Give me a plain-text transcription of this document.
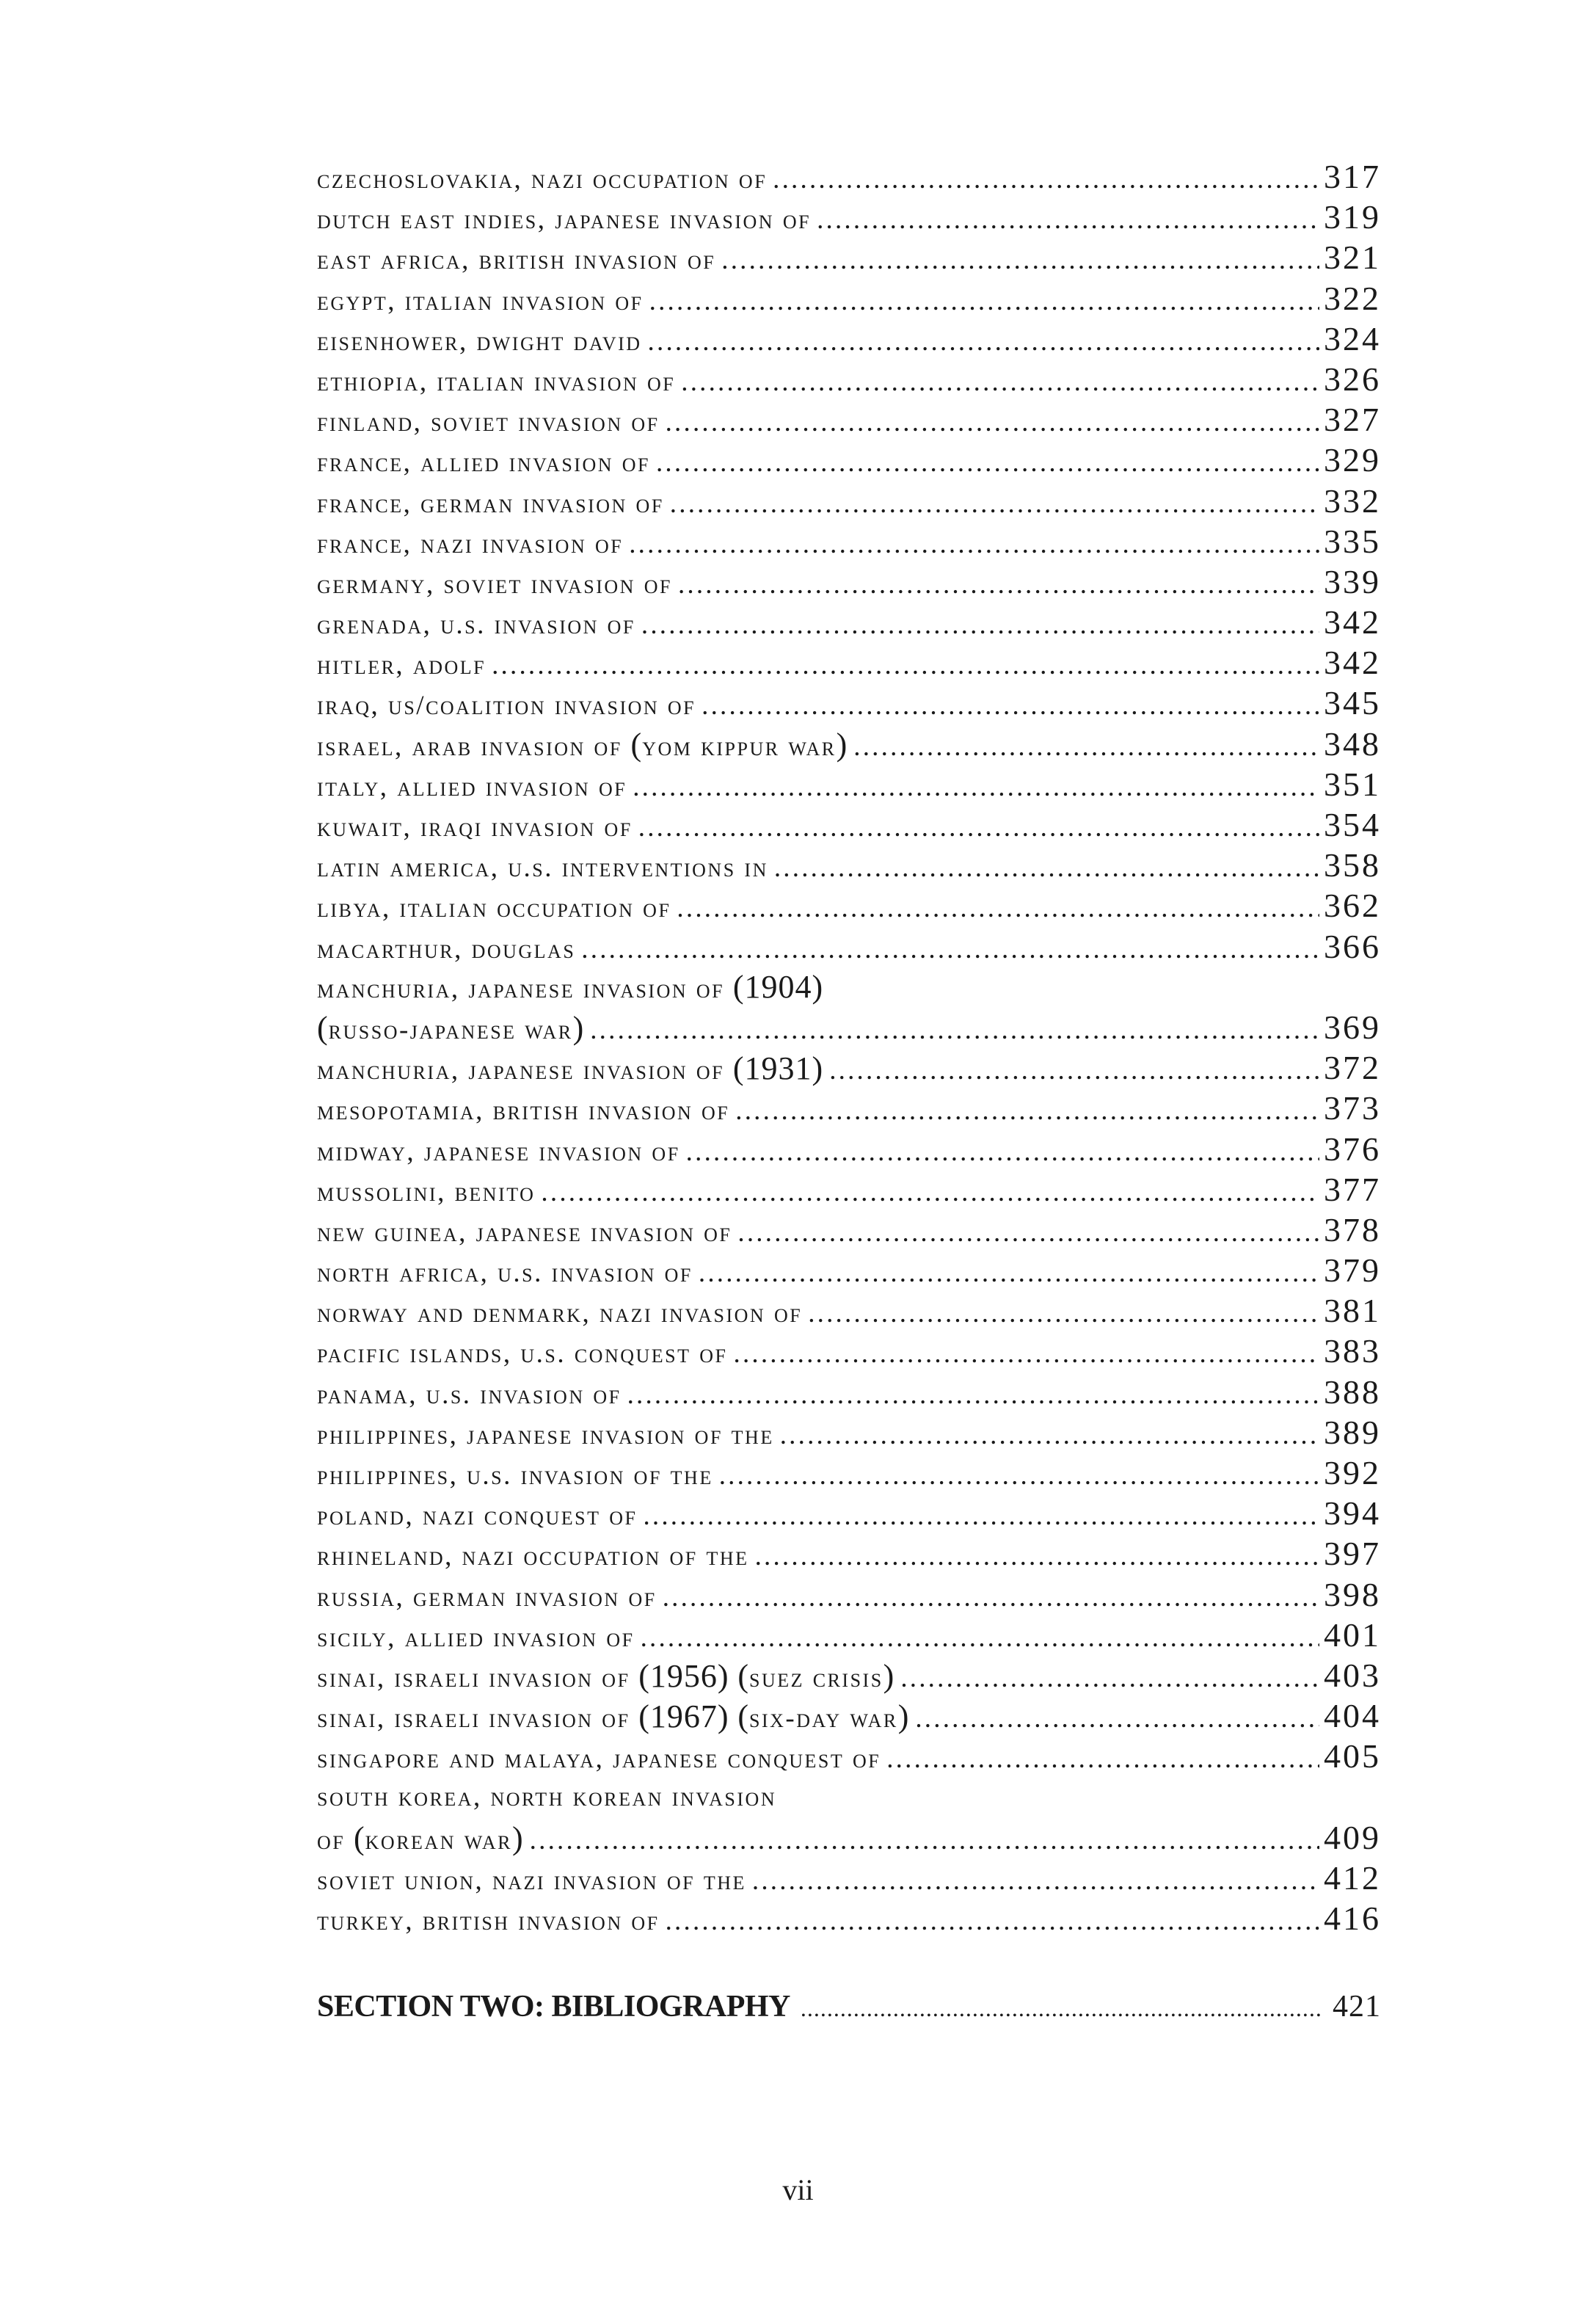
czechoslovakia, nazi occupation of .....	317
dutch east indies, japanese invasion of .....	319
east africa, british invasion of .....	321
egypt, italian invasion of .....	322
eisenhower, dwight david .....	324
ethiopia, italian invasion of .....	326
finland, soviet invasion of .....	327
france, allied invasion of .....	329
france, german invasion of .....	332
france, nazi invasion of .....	335
germany, soviet invasion of .....	339
grenada, u.s. invasion of .....	342
hitler, adolf .....	342
iraq, us/coalition invasion of .....	345
israel, arab invasion of (yom kippur war) .....	348
italy, allied invasion of .....	351
kuwait, iraqi invasion of .....	354
latin america, u.s. interventions in .....	358
libya, italian occupation of .....	362
macarthur, douglas .....	366
manchuria, japanese invasion of (1904)
(russo-japanese war) .....	369
manchuria, japanese invasion of (1931) .....	372
mesopotamia, british invasion of .....	373
midway, japanese invasion of .....	376
mussolini, benito .....	377
new guinea, japanese invasion of .....	378
north africa, u.s. invasion of .....	379
norway and denmark, nazi invasion of .....	381
pacific islands, u.s. conquest of .....	383
panama, u.s. invasion of .....	388
philippines, japanese invasion of the .....	389
philippines, u.s. invasion of the .....	392
poland, nazi conquest of .....	394
rhineland, nazi occupation of the .....	397
russia, german invasion of .....	398
sicily, allied invasion of .....	401
sinai, israeli invasion of (1956) (suez crisis) .....	403
sinai, israeli invasion of (1967) (six-day war) .....	404
singapore and malaya, japanese conquest of .....	405
south korea, north korean invasion
of (korean war) .....	409
soviet union, nazi invasion of the .....	412
turkey, british invasion of .....	416
SECTION TWO: BIBLIOGRAPHY .....	421
vii
